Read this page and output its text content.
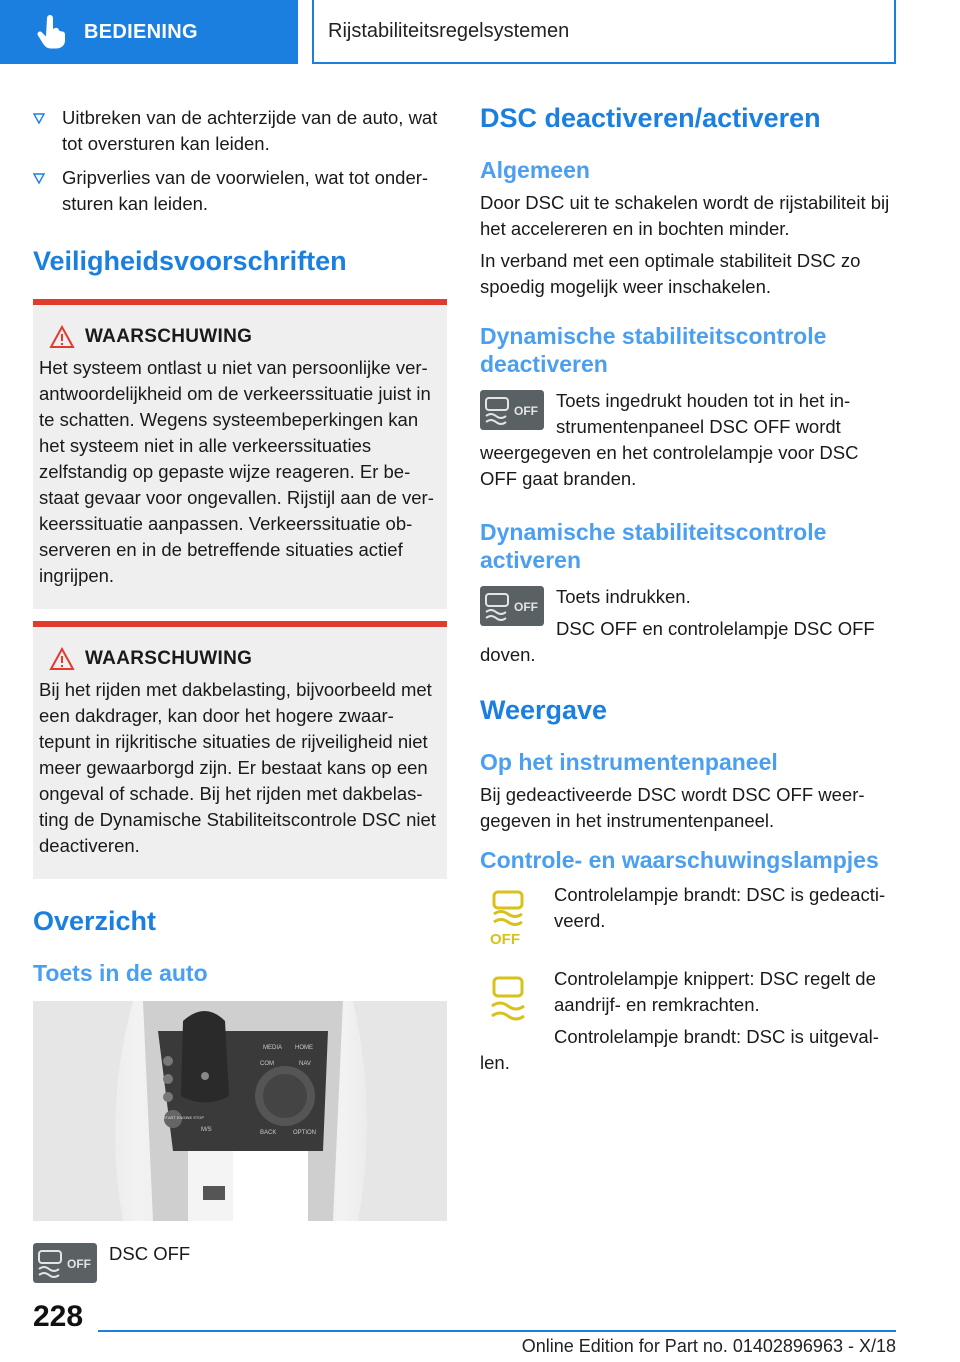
BEDIENING	Rijstabiliteitsregelsystemen
Uitbreken van de achterzijde van de auto, wat tot oversturen kan leiden.
Gripverlies van de voorwielen, wat tot onder-sturen kan leiden.
Veiligheidsvoorschriften
WAARSCHUWING

Het systeem ontlast u niet van persoonlijke ver-antwoordelijkheid om de verkeerssituatie juist in te schatten. Wegens systeembeperkingen kan het systeem niet in alle verkeerssituaties zelfstandig op gepaste wijze reageren. Er be-staat gevaar voor ongevallen. Rijstijl aan de ver-keerssituatie aanpassen. Verkeerssituatie ob-serveren en in de betreffende situaties actief ingrijpen.

WAARSCHUWING

Bij het rijden met dakbelasting, bijvoorbeeld met een dakdrager, kan door het hogere zwaar-tepunt in rijkritische situaties de rijveiligheid niet meer gewaarborgd zijn. Er bestaat kans op een ongeval of schade. Bij het rijden met dakbelas-ting de Dynamische Stabiliteitscontrole DSC niet deactiveren.

Overzicht
Toets in de auto
MEDIA HOME
COM	NAV
BACK	OPTION
START ENGINE STOP
M/S
OFF DSC OFF
DSC deactiveren/activeren
Algemeen

Door DSC uit te schakelen wordt de rijstabiliteit bij het accelereren en in bochten minder.

In verband met een optimale stabiliteit DSC zo spoedig mogelijk weer inschakelen.

Dynamische stabiliteitscontrole deactiveren
OFF Toets ingedrukt houden tot in het in-strumentenpaneel DSC OFF wordt weergegeven en het controlelampje voor DSC OFF gaat branden.

Dynamische stabiliteitscontrole activeren
OFF Toets indrukken.

DSC OFF en controlelampje DSC OFF doven.

Weergave
Op het instrumentenpaneel

Bij gedeactiveerde DSC wordt DSC OFF weer-gegeven in het instrumentenpaneel.

Controle- en waarschuwingslampjes
OFF

Controlelampje brandt: DSC is gedeacti-veerd.

Controlelampje knippert: DSC regelt de aandrijf- en remkrachten.

Controlelampje brandt: DSC is uitgeval-len.

228
Online Edition for Part no. 01402896963 - X/18
